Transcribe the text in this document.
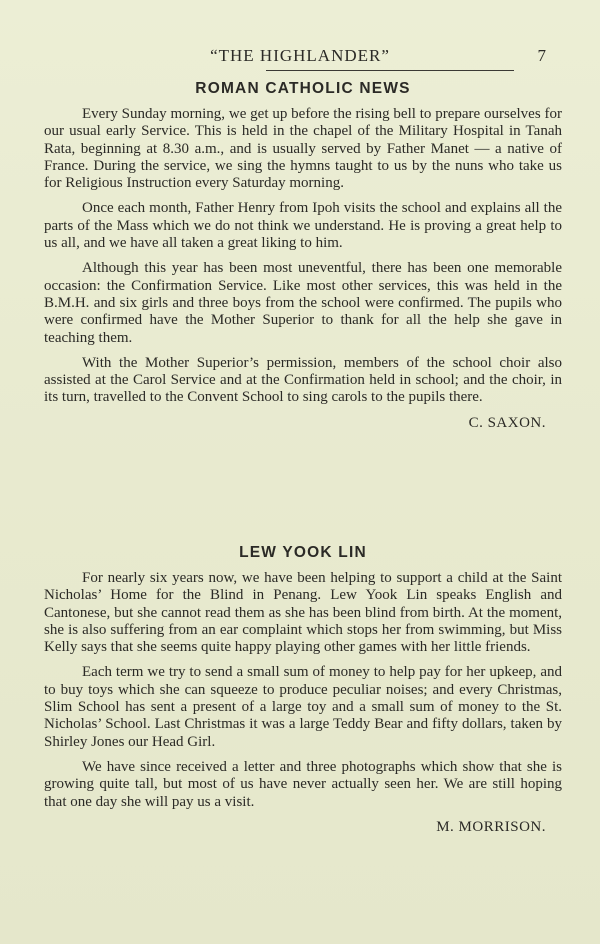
“THE HIGHLANDER”	7
ROMAN CATHOLIC NEWS

Every Sunday morning, we get up before the rising bell to prepare ourselves for our usual early Service. This is held in the chapel of the Military Hospital in Tanah Rata, beginning at 8.30 a.m., and is usually served by Father Manet — a native of France. During the service, we sing the hymns taught to us by the nuns who take us for Religious Instruction every Saturday morning.

Once each month, Father Henry from Ipoh visits the school and explains all the parts of the Mass which we do not think we understand. He is proving a great help to us all, and we have all taken a great liking to him.

Although this year has been most uneventful, there has been one memorable occasion: the Confirmation Service. Like most other services, this was held in the B.M.H. and six girls and three boys from the school were confirmed. The pupils who were confirmed have the Mother Superior to thank for all the help she gave in teaching them.

With the Mother Superior’s permission, members of the school choir also assisted at the Carol Service and at the Confirmation held in school; and the choir, in its turn, travelled to the Convent School to sing carols to the pupils there.

C. SAXON.
LEW YOOK LIN

For nearly six years now, we have been helping to support a child at the Saint Nicholas’ Home for the Blind in Penang. Lew Yook Lin speaks English and Cantonese, but she cannot read them as she has been blind from birth. At the moment, she is also suffering from an ear complaint which stops her from swimming, but Miss Kelly says that she seems quite happy playing other games with her little friends.

Each term we try to send a small sum of money to help pay for her upkeep, and to buy toys which she can squeeze to produce peculiar noises; and every Christmas, Slim School has sent a present of a large toy and a small sum of money to the St. Nicholas’ School. Last Christmas it was a large Teddy Bear and fifty dollars, taken by Shirley Jones our Head Girl.

We have since received a letter and three photographs which show that she is growing quite tall, but most of us have never actually seen her. We are still hoping that one day she will pay us a visit.

M. MORRISON.
